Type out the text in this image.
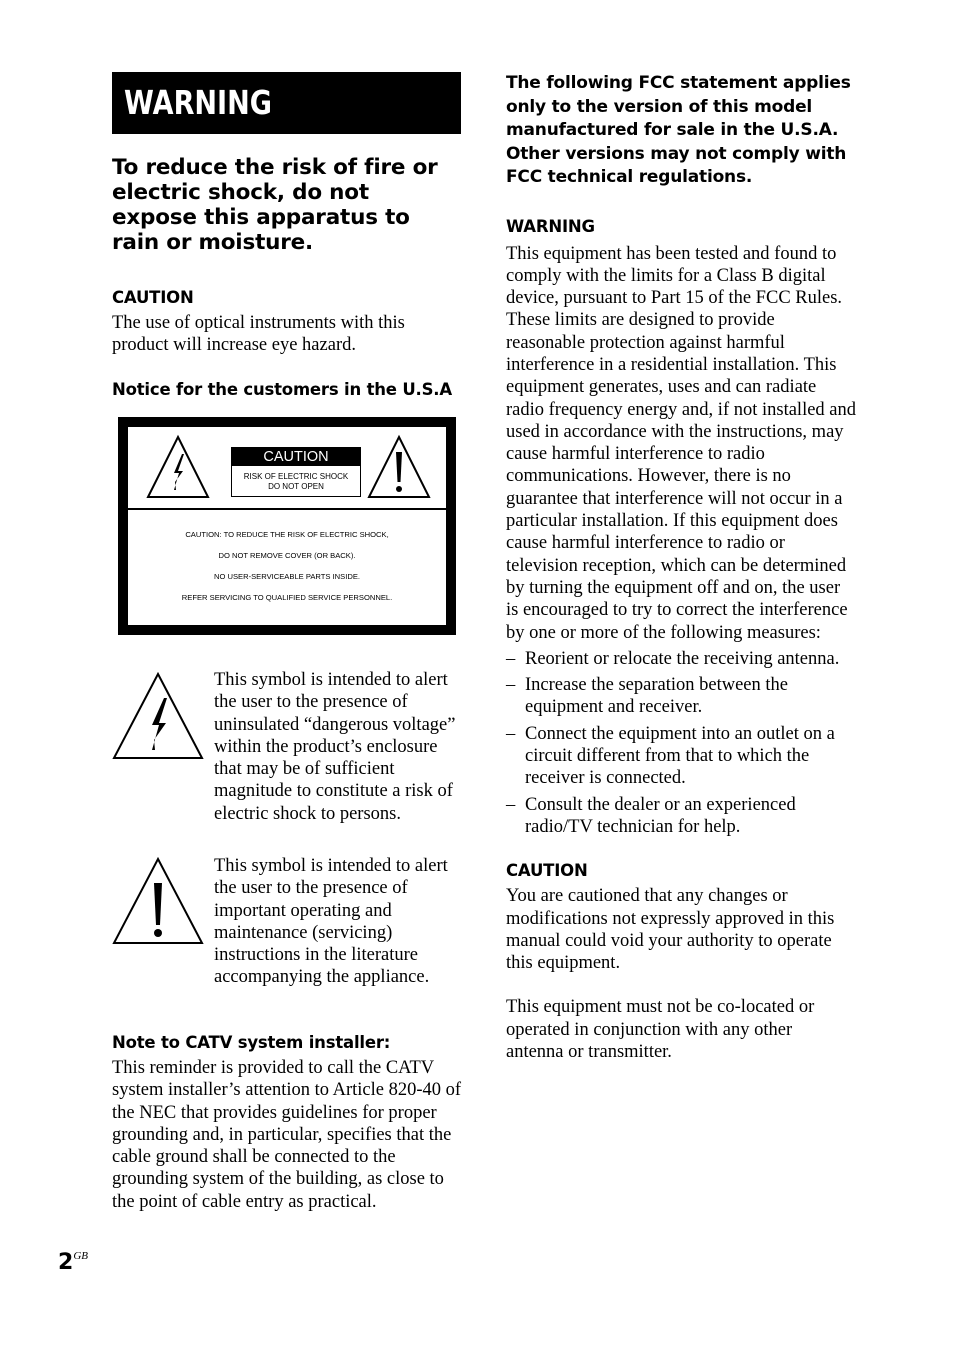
WARNING
To reduce the risk of fire or electric shock, do not expose this apparatus to rain or moisture.
CAUTION
The use of optical instruments with this product will increase eye hazard.
Notice for the customers in the U.S.A
CAUTION
RISK OF ELECTRIC SHOCK
DO NOT OPEN
CAUTION: TO REDUCE THE RISK OF ELECTRIC SHOCK,
DO NOT REMOVE COVER (OR BACK).
NO USER-SERVICEABLE PARTS INSIDE.
REFER SERVICING TO QUALIFIED SERVICE PERSONNEL.
This symbol is intended to alert the user to the presence of uninsulated “dangerous voltage” within the product’s enclosure that may be of sufficient magnitude to constitute a risk of electric shock to persons.
This symbol is intended to alert the user to the presence of important operating and maintenance (servicing) instructions in the literature accompanying the appliance.
Note to CATV system installer:
This reminder is provided to call the CATV system installer’s attention to Article 820-40 of the NEC that provides guidelines for proper grounding and, in particular, specifies that the cable ground shall be connected to the grounding system of the building, as close to the point of cable entry as practical.
The following FCC statement applies only to the version of this model manufactured for sale in the U.S.A. Other versions may not comply with FCC technical regulations.
WARNING
This equipment has been tested and found to comply with the limits for a Class B digital device, pursuant to Part 15 of the FCC Rules. These limits are designed to provide reasonable protection against harmful interference in a residential installation. This equipment generates, uses and can radiate radio frequency energy and, if not installed and used in accordance with the instructions, may cause harmful interference to radio communications. However, there is no guarantee that interference will not occur in a particular installation. If this equipment does cause harmful interference to radio or television reception, which can be determined by turning the equipment off and on, the user is encouraged to try to correct the interference by one or more of the following measures:
– Reorient or relocate the receiving antenna.
– Increase the separation between the equipment and receiver.
– Connect the equipment into an outlet on a circuit different from that to which the receiver is connected.
– Consult the dealer or an experienced radio/TV technician for help.
CAUTION
You are cautioned that any changes or modifications not expressly approved in this manual could void your authority to operate this equipment.
This equipment must not be co-located or operated in conjunction with any other antenna or transmitter.
$2^{GB}$
